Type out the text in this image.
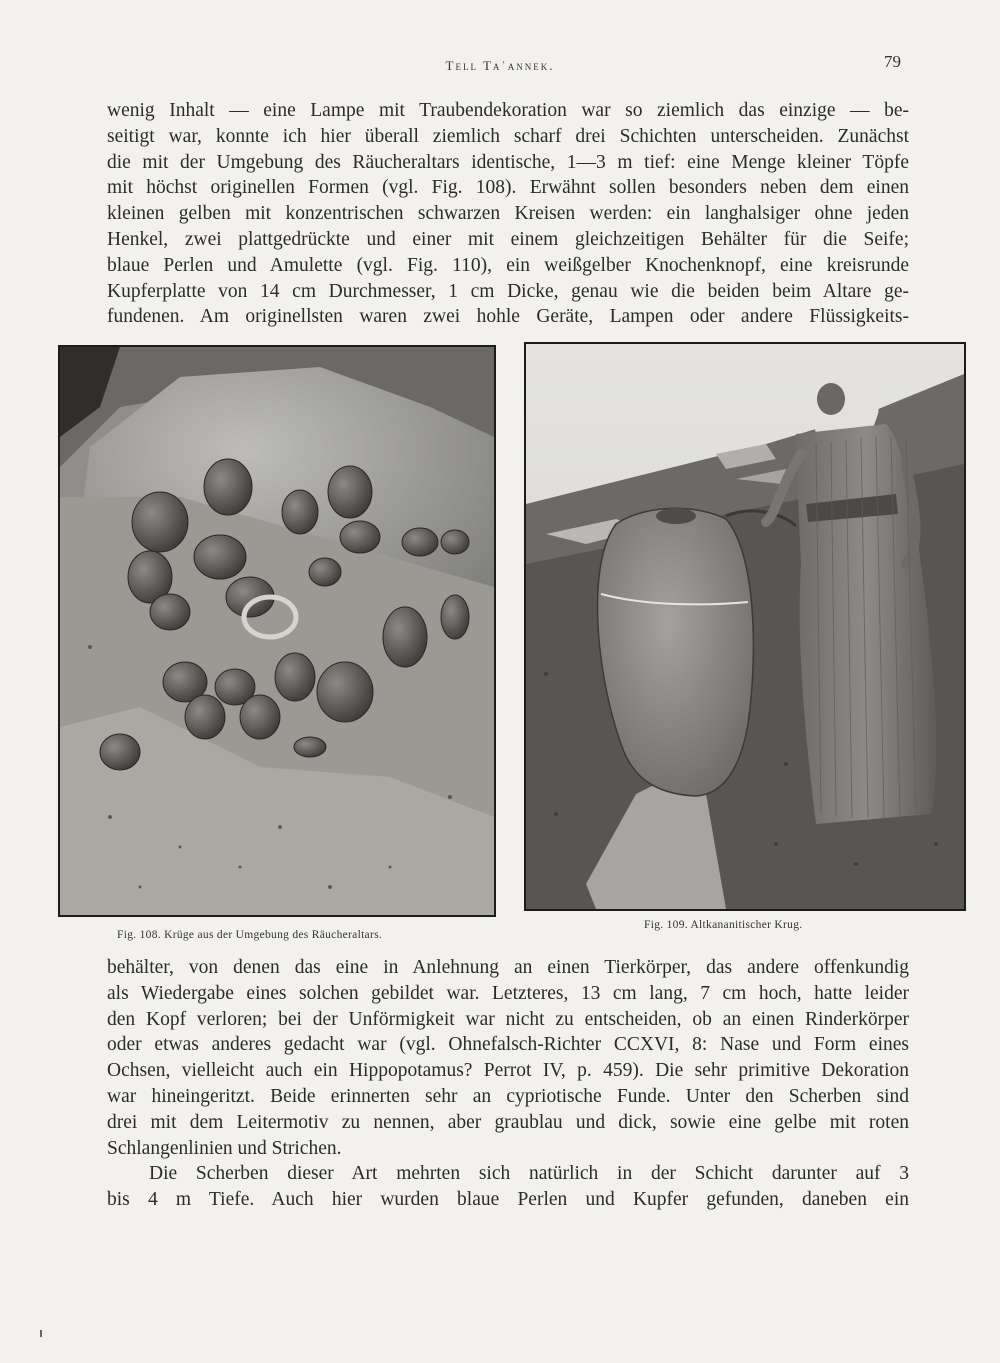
Tell Taʿannek.	79
wenig Inhalt — eine Lampe mit Traubendekoration war so ziemlich das einzige — be-
seitigt war, konnte ich hier überall ziemlich scharf drei Schichten unterscheiden. Zunächst
die mit der Umgebung des Räucheraltars identische, 1—3 m tief: eine Menge kleiner Töpfe
mit höchst originellen Formen (vgl. Fig. 108). Erwähnt sollen besonders neben dem einen
kleinen gelben mit konzentrischen schwarzen Kreisen werden: ein langhalsiger ohne jeden
Henkel, zwei plattgedrückte und einer mit einem gleichzeitigen Behälter für die Seife;
blaue Perlen und Amulette (vgl. Fig. 110), ein weißgelber Knochenknopf, eine kreisrunde
Kupferplatte von 14 cm Durchmesser, 1 cm Dicke, genau wie die beiden beim Altare ge-
fundenen. Am originellsten waren zwei hohle Geräte, Lampen oder andere Flüssigkeits-
Fig. 108. Krüge aus der Umgebung des Räucheraltars.
Fig. 109. Altkananitischer Krug.
behälter, von denen das eine in Anlehnung an einen Tierkörper, das andere offenkundig
als Wiedergabe eines solchen gebildet war. Letzteres, 13 cm lang, 7 cm hoch, hatte leider
den Kopf verloren; bei der Unförmigkeit war nicht zu entscheiden, ob an einen Rinderkörper
oder etwas anderes gedacht war (vgl. Ohnefalsch-Richter CCXVI, 8: Nase und Form eines
Ochsen, vielleicht auch ein Hippopotamus? Perrot IV, p. 459). Die sehr primitive Dekoration
war hineingeritzt. Beide erinnerten sehr an cypriotische Funde. Unter den Scherben sind
drei mit dem Leitermotiv zu nennen, aber graublau und dick, sowie eine gelbe mit roten
Schlangenlinien und Strichen.
Die Scherben dieser Art mehrten sich natürlich in der Schicht darunter auf 3
bis 4 m Tiefe. Auch hier wurden blaue Perlen und Kupfer gefunden, daneben ein
